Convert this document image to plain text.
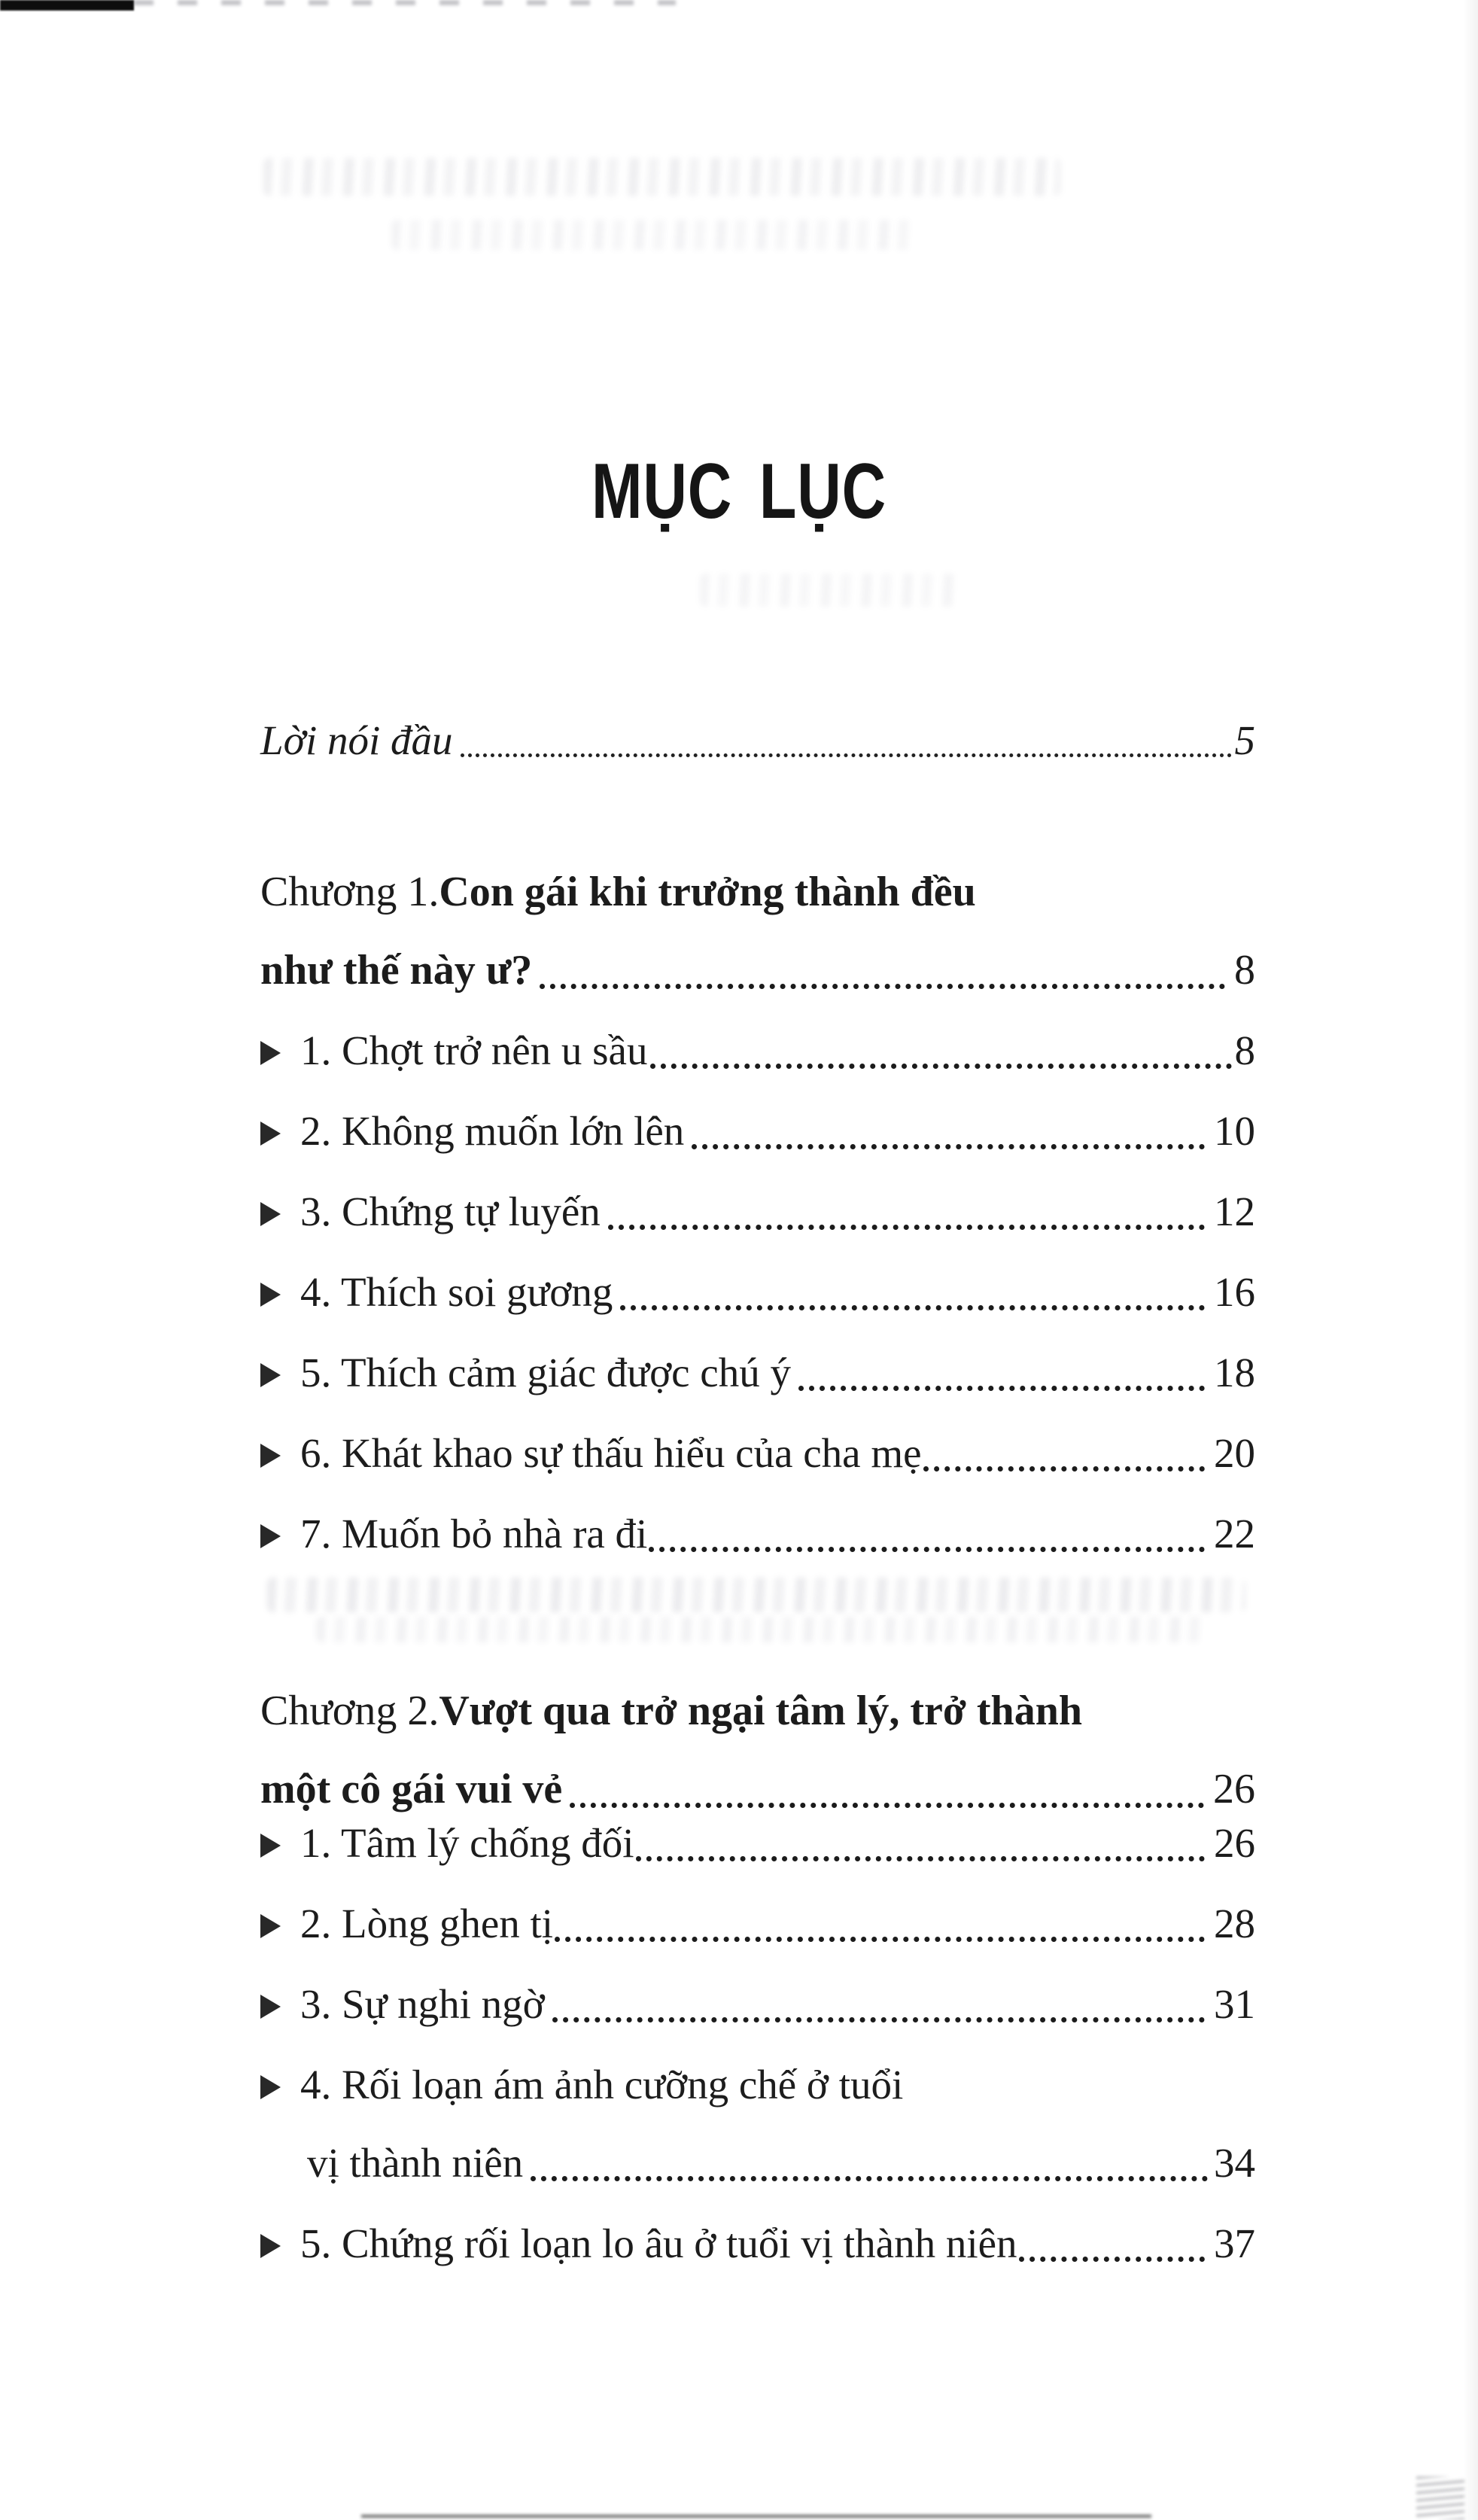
MỤC LỤC
Lời nói đầu	5
Chương 1. Con gái khi trưởng thành đều
như thế này ư?	8
1. Chợt trở nên u sầu	8
2. Không muốn lớn lên	10
3. Chứng tự luyến	12
4. Thích soi gương	16
5. Thích cảm giác được chú ý	18
6. Khát khao sự thấu hiểu của cha mẹ	20
7. Muốn bỏ nhà ra đi	22
Chương 2. Vượt qua trở ngại tâm lý, trở thành
một cô gái vui vẻ	26
1. Tâm lý chống đối	26
2. Lòng ghen tị	28
3. Sự nghi ngờ	31
4. Rối loạn ám ảnh cưỡng chế ở tuổi
vị thành niên	34
5. Chứng rối loạn lo âu ở tuổi vị thành niên	37
